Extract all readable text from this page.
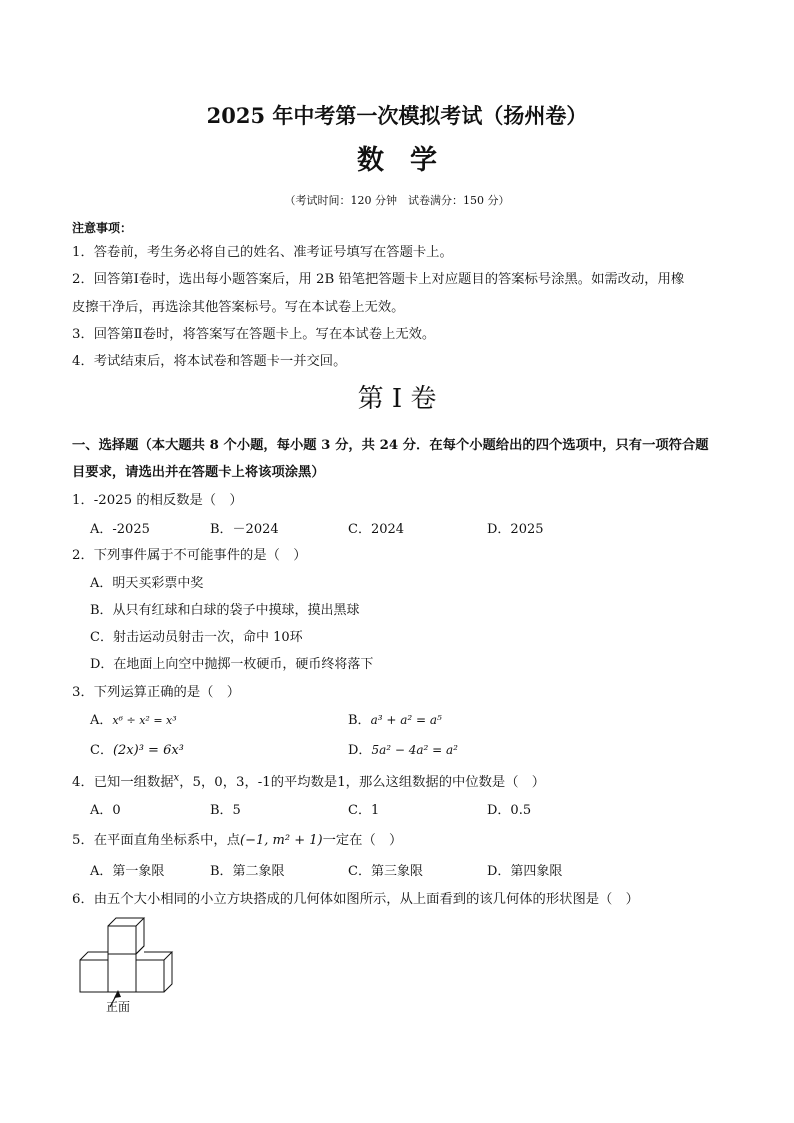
2025 年中考第一次模拟考试（扬州卷）
数学
（考试时间：120 分钟　试卷满分：150 分）
注意事项：
1．答卷前，考生务必将自己的姓名、准考证号填写在答题卡上。
2．回答第Ⅰ卷时，选出每小题答案后，用 2B 铅笔把答题卡上对应题目的答案标号涂黑。如需改动，用橡
皮擦干净后，再选涂其他答案标号。写在本试卷上无效。
3．回答第Ⅱ卷时，将答案写在答题卡上。写在本试卷上无效。
4．考试结束后，将本试卷和答题卡一并交回。
第 I 卷
一、选择题（本大题共 8 个小题，每小题 3 分，共 24 分．在每个小题给出的四个选项中，只有一项符合题
目要求，请选出并在答题卡上将该项涂黑）
1．-2025 的相反数是（　）
A．-2025	B．－2024	C．2024	D．2025
2．下列事件属于不可能事件的是（　）
A．明天买彩票中奖
B．从只有红球和白球的袋子中摸球，摸出黑球
C．射击运动员射击一次，命中 10环
D．在地面上向空中抛掷一枚硬币，硬币终将落下
3．下列运算正确的是（　）
A．x⁶ ÷ x² = x³	B．a³ + a² = a⁵
C．(2x)³ = 6x³	D．5a² − 4a² = a²
4．已知一组数据$^x$，5，0，3，-1的平均数是1，那么这组数据的中位数是（　）
A．0	B．5	C．1	D．0.5
5．在平面直角坐标系中，点(−1, m² + 1)一定在（　）
A．第一象限	B．第二象限	C．第三象限	D．第四象限
6．由五个大小相同的小立方块搭成的几何体如图所示，从上面看到的该几何体的形状图是（　）
正面
